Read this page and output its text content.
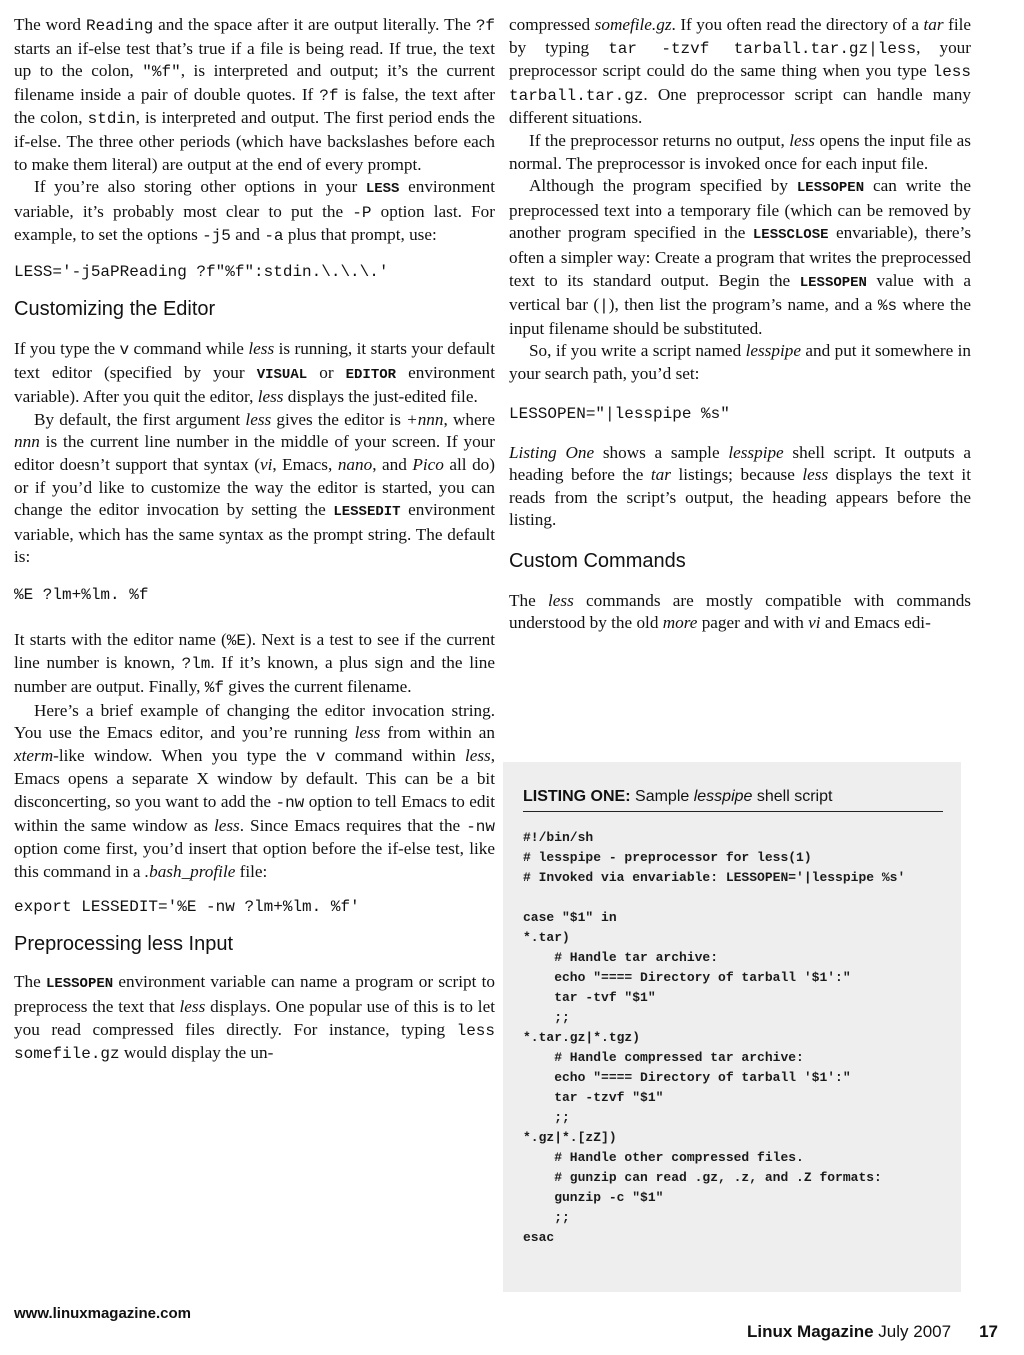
The word Reading and the space after it are output literally. The ?f starts an if-else test that’s true if a file is being read. If true, the text up to the colon, "%f", is interpreted and output; it’s the current filename inside a pair of double quotes. If ?f is false, the text after the colon, stdin, is interpreted and output. The first period ends the if-else. The three other periods (which have backslashes before each to make them literal) are output at the end of every prompt.

If you’re also storing other options in your LESS environment variable, it’s probably most clear to put the -P option last. For example, to set the options -j5 and -a plus that prompt, use:

LESS='-j5aPReading ?f"%f":stdin.\.\.\.'
Customizing the Editor

If you type the v command while less is running, it starts your default text editor (specified by your VISUAL or EDITOR environment variable). After you quit the editor, less displays the just-edited file.

By default, the first argument less gives the editor is +nnn, where nnn is the current line number in the middle of your screen. If your editor doesn’t support that syntax (vi, Emacs, nano, and Pico all do) or if you’d like to customize the way the editor is started, you can change the editor invocation by setting the LESSEDIT environment variable, which has the same syntax as the prompt string. The default is:

%E ?lm+%lm. %f

It starts with the editor name (%E). Next is a test to see if the current line number is known, ?lm. If it’s known, a plus sign and the line number are output. Finally, %f gives the current filename.

Here’s a brief example of changing the editor invocation string. You use the Emacs editor, and you’re running less from within an xterm-like window. When you type the v command within less, Emacs opens a separate X window by default. This can be a bit disconcerting, so you want to add the -nw option to tell Emacs to edit within the same window as less. Since Emacs requires that the -nw option come first, you’d insert that option before the if-else test, like this command in a .bash_profile file:

export LESSEDIT='%E -nw ?lm+%lm. %f'
Preprocessing less Input

The LESSOPEN environment variable can name a program or script to preprocess the text that less displays. One popular use of this is to let you read compressed files directly. For instance, typing less somefile.gz would display the un-

compressed somefile.gz. If you often read the directory of a tar file by typing tar -tzvf tarball.tar.gz|less, your preprocessor script could do the same thing when you type less tarball.tar.gz. One preprocessor script can handle many different situations.

If the preprocessor returns no output, less opens the input file as normal. The preprocessor is invoked once for each input file.

Although the program specified by LESSOPEN can write the preprocessed text into a temporary file (which can be removed by another program specified in the LESSCLOSE envariable), there’s often a simpler way: Create a program that writes the preprocessed text to its standard output. Begin the LESSOPEN value with a vertical bar (|), then list the program’s name, and a %s where the input filename should be substituted.

So, if you write a script named lesspipe and put it somewhere in your search path, you’d set:

LESSOPEN="|lesspipe %s"

Listing One shows a sample lesspipe shell script. It outputs a heading before the tar listings; because less displays the text it reads from the script’s output, the heading appears before the listing.

Custom Commands

The less commands are mostly compatible with commands understood by the old more pager and with vi and Emacs edi-

LISTING ONE: Sample lesspipe shell script
#!/bin/sh
# lesspipe - preprocessor for less(1)
# Invoked via envariable: LESSOPEN='|lesspipe %s'

case "$1" in
*.tar)
# Handle tar archive:
echo "==== Directory of tarball '$1':"
tar -tvf "$1"
;;
*.tar.gz|*.tgz)
# Handle compressed tar archive:
echo "==== Directory of tarball '$1':"
tar -tzvf "$1"
;;
*.gz|*.[zZ])
# Handle other compressed files.
# gunzip can read .gz, .z, and .Z formats:
gunzip -c "$1"
;;
esac
www.linuxmagazine.com
Linux Magazine July 2007 17
